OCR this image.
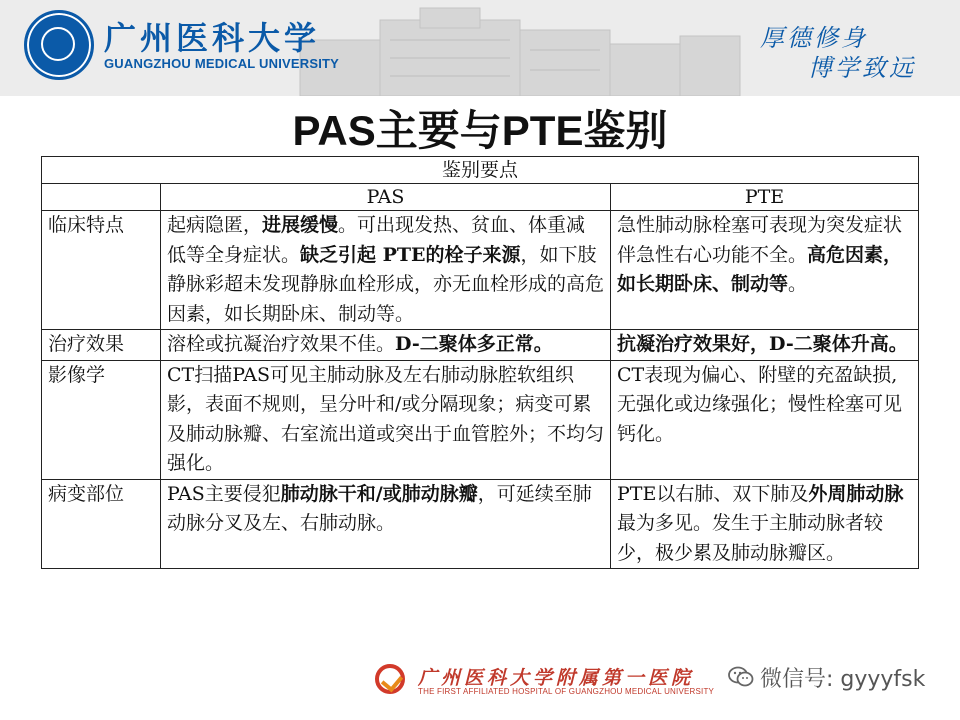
广州医科大学
GUANGZHOU MEDICAL UNIVERSITY
厚德修身
博学致远
PAS主要与PTE鉴别
鉴别要点		
	PAS	PTE
临床特点	起病隐匿，进展缓慢。可出现发热、贫血、体重减低等全身症状。缺乏引起 PTE的栓子来源，如下肢静脉彩超未发现静脉血栓形成，亦无血栓形成的高危因素，如长期卧床、制动等。	急性肺动脉栓塞可表现为突发症状伴急性右心功能不全。高危因素，如长期卧床、制动等。
治疗效果	溶栓或抗凝治疗效果不佳。D-二聚体多正常。	抗凝治疗效果好，D-二聚体升高。
影像学	CT扫描PAS可见主肺动脉及左右肺动脉腔软组织影，表面不规则，呈分叶和/或分隔现象；病变可累及肺动脉瓣、右室流出道或突出于血管腔外；不均匀强化。	CT表现为偏心、附壁的充盈缺损,无强化或边缘强化；慢性栓塞可见钙化。
病变部位	PAS主要侵犯肺动脉干和/或肺动脉瓣，可延续至肺动脉分叉及左、右肺动脉。	PTE以右肺、双下肺及外周肺动脉最为多见。发生于主肺动脉者较少，极少累及肺动脉瓣区。
广州医科大学附属第一医院
THE FIRST AFFILIATED HOSPITAL OF GUANGZHOU MEDICAL UNIVERSITY 微信号: gyyyfsk
